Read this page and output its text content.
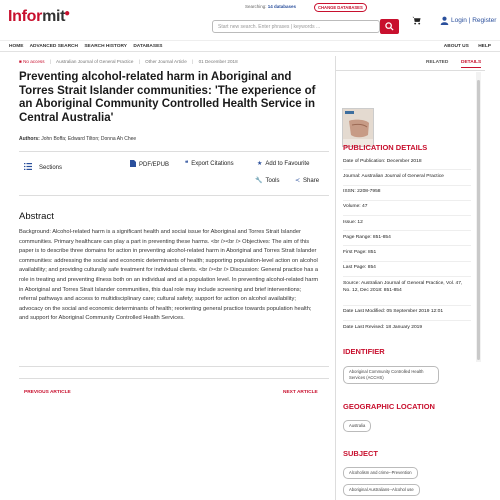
Informit●
Searching: 14 databases	CHANGE DATABASES
Start new search. Enter phrases | keywords ...
Login | Register
HOME ADVANCED SEARCH SEARCH HISTORY DATABASES	ABOUT US HELP
■ No access | Australian Journal of General Practice | Other Journal Article | 01 December 2018
Preventing alcohol-related harm in Aboriginal and Torres Strait Islander communities: 'The experience of an Aboriginal Community Controlled Health Service in Central Australia'
Authors: John Boffa; Edward Tilton; Donna Ah Chee
Sections	PDF/EPUB	❝ Export Citations	★ Add to Favourite
🔧 Tools	≺ Share
Abstract
Background: Alcohol-related harm is a significant health and social issue for Aboriginal and Torres Strait Islander communities. Primary healthcare can play a part in preventing these harms. <br /><br /> Objectives: The aim of this paper is to describe three domains for action in preventing alcohol-related harm in Aboriginal and Torres Strait Islander communities: addressing the social and economic determinants of health; supporting population-level action on alcohol availability; and providing culturally safe treatment for individual clients. <br /><br /> Discussion: General practice has a role in treating and preventing illness both on an individual and at a population level. In preventing alcohol-related harm in Aboriginal and Torres Strait Islander communities, this dual role may include screening and brief interventions; referral pathways and access to multidisciplinary care; cultural safety; support for action on alcohol availability; advocacy on the social and economic determinants of health; reorienting general practice towards population health; and support for Aboriginal Community Controlled Health Services.
PREVIOUS ARTICLE	NEXT ARTICLE
RELATED	DETAILS
PUBLICATION DETAILS
Date of Publication: December 2018
Journal: Australian Journal of General Practice
ISSN: 2208-7958
Volume: 47
Issue: 12
Page Range: 851-854
First Page: 851
Last Page: 854
Source: Australian Journal of General Practice, Vol. 47, No. 12, Dec 2018: 851-854
Date Last Modified: 05 September 2019 12:01
Date Last Revised: 18 January 2019
IDENTIFIER
Aboriginal Community Controlled Health Services (ACCHS)
GEOGRAPHIC LOCATION
Australia
SUBJECT
Alcoholism and crime--Prevention
Aboriginal Australians--Alcohol use
